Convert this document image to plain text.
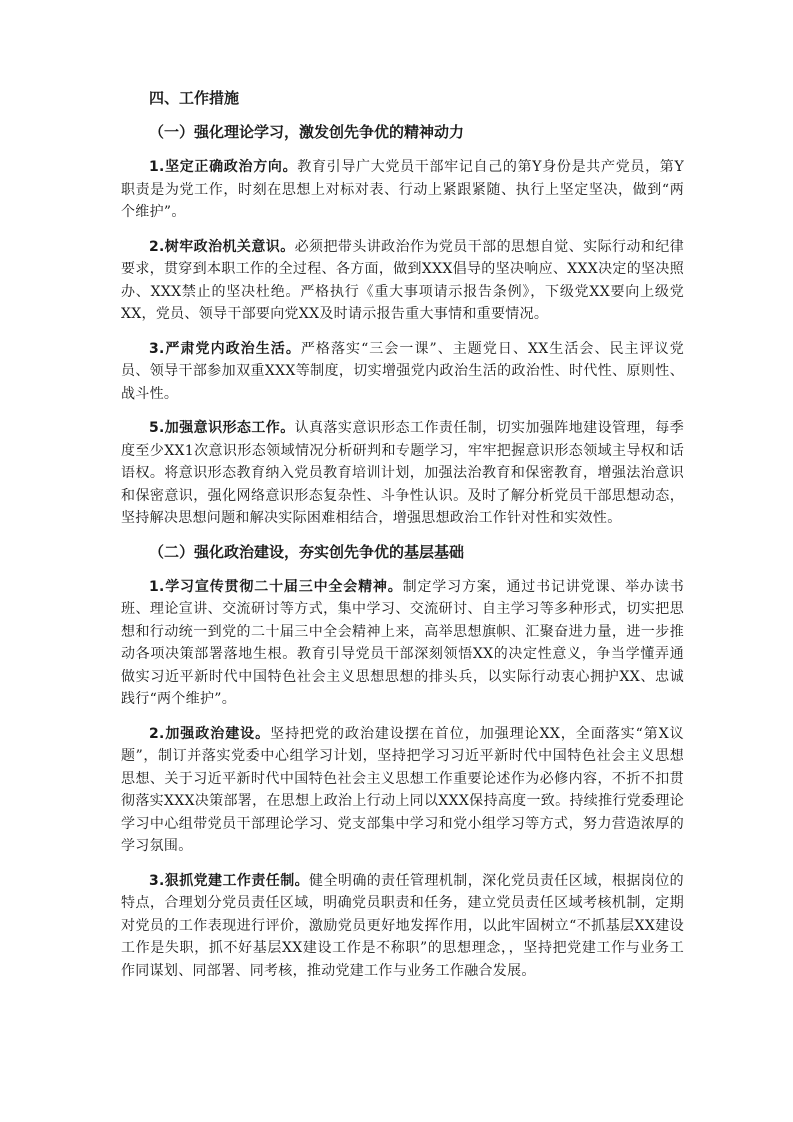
四、工作措施
（一）强化理论学习，激发创先争优的精神动力

1.坚定正确政治方向。教育引导广大党员干部牢记自己的第Y身份是共产党员，第Y职责是为党工作，时刻在思想上对标对表、行动上紧跟紧随、执行上坚定坚决，做到“两个维护”。

2.树牢政治机关意识。必须把带头讲政治作为党员干部的思想自觉、实际行动和纪律要求，贯穿到本职工作的全过程、各方面，做到XXX倡导的坚决响应、XXX决定的坚决照办、XXX禁止的坚决杜绝。严格执行《重大事项请示报告条例》，下级党XX要向上级党XX，党员、领导干部要向党XX及时请示报告重大事情和重要情况。

3.严肃党内政治生活。严格落实“三会一课”、主题党日、XX生活会、民主评议党员、领导干部参加双重XXX等制度，切实增强党内政治生活的政治性、时代性、原则性、战斗性。

5.加强意识形态工作。认真落实意识形态工作责任制，切实加强阵地建设管理，每季度至少XX1次意识形态领域情况分析研判和专题学习，牢牢把握意识形态领域主导权和话语权。将意识形态教育纳入党员教育培训计划，加强法治教育和保密教育，增强法治意识和保密意识，强化网络意识形态复杂性、斗争性认识。及时了解分析党员干部思想动态，坚持解决思想问题和解决实际困难相结合，增强思想政治工作针对性和实效性。

（二）强化政治建设，夯实创先争优的基层基础

1.学习宣传贯彻二十届三中全会精神。制定学习方案，通过书记讲党课、举办读书班、理论宣讲、交流研讨等方式，集中学习、交流研讨、自主学习等多种形式，切实把思想和行动统一到党的二十届三中全会精神上来，高举思想旗帜、汇聚奋进力量，进一步推动各项决策部署落地生根。教育引导党员干部深刻领悟XX的决定性意义，争当学懂弄通做实习近平新时代中国特色社会主义思想思想的排头兵，以实际行动衷心拥护XX、忠诚践行“两个维护”。

2.加强政治建设。坚持把党的政治建设摆在首位，加强理论XX，全面落实“第X议题”，制订并落实党委中心组学习计划，坚持把学习习近平新时代中国特色社会主义思想思想、关于习近平新时代中国特色社会主义思想工作重要论述作为必修内容，不折不扣贯彻落实XXX决策部署，在思想上政治上行动上同以XXX保持高度一致。持续推行党委理论学习中心组带党员干部理论学习、党支部集中学习和党小组学习等方式，努力营造浓厚的学习氛围。

3.狠抓党建工作责任制。健全明确的责任管理机制，深化党员责任区域，根据岗位的特点，合理划分党员责任区域，明确党员职责和任务，建立党员责任区域考核机制，定期对党员的工作表现进行评价，激励党员更好地发挥作用，以此牢固树立“不抓基层XX建设工作是失职，抓不好基层XX建设工作是不称职”的思想理念，，坚持把党建工作与业务工作同谋划、同部署、同考核，推动党建工作与业务工作融合发展。
